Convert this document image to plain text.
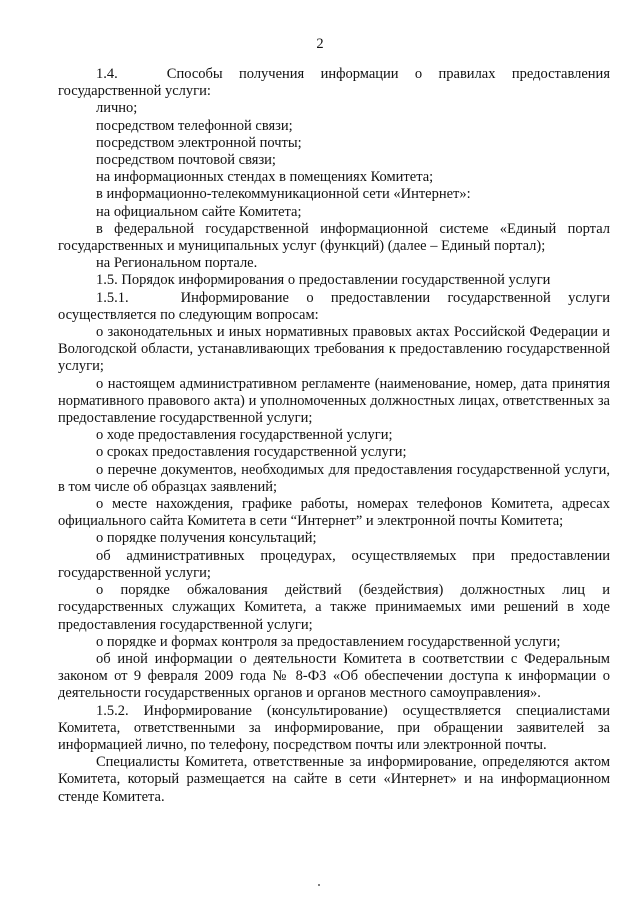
2

1.4.   Способы получения информации о правилах предоставления государственной услуги:

лично;

посредством телефонной связи;

посредством электронной почты;

посредством почтовой связи;

на информационных стендах в помещениях Комитета;

в информационно-телекоммуникационной сети «Интернет»:

на официальном сайте Комитета;

в федеральной государственной информационной системе «Единый портал государственных и муниципальных услуг (функций) (далее – Единый портал);

на Региональном портале.

1.5. Порядок информирования о предоставлении государственной услуги

1.5.1.   Информирование о предоставлении государственной услуги осуществляется по следующим вопросам:

о законодательных и иных нормативных правовых актах Российской Федерации и Вологодской области, устанавливающих требования к предоставлению государственной услуги;

о настоящем административном регламенте (наименование, номер, дата принятия нормативного правового акта) и уполномоченных должностных лицах, ответственных за предоставление государственной услуги;

о ходе предоставления государственной услуги;

о сроках предоставления государственной услуги;

о перечне документов, необходимых для предоставления государственной услуги, в том числе об образцах заявлений;

о месте нахождения, графике работы, номерах телефонов Комитета, адресах официального сайта Комитета в сети “Интернет” и электронной почты Комитета;

о порядке получения консультаций;

об административных процедурах, осуществляемых при предоставлении государственной услуги;

о порядке обжалования действий (бездействия) должностных лиц и государственных служащих Комитета, а также принимаемых ими решений в ходе предоставления государственной услуги;

о порядке и формах контроля за предоставлением государственной услуги;

об иной информации о деятельности Комитета в соответствии с Федеральным законом от 9 февраля 2009 года № 8-ФЗ «Об обеспечении доступа к информации о деятельности государственных органов и органов местного самоуправления».

1.5.2. Информирование (консультирование) осуществляется специалистами Комитета, ответственными за информирование, при обращении заявителей за информацией лично, по телефону, посредством почты или электронной почты.

Специалисты Комитета, ответственные за информирование, определяются актом Комитета, который размещается на сайте в сети «Интернет» и на информационном стенде Комитета.
